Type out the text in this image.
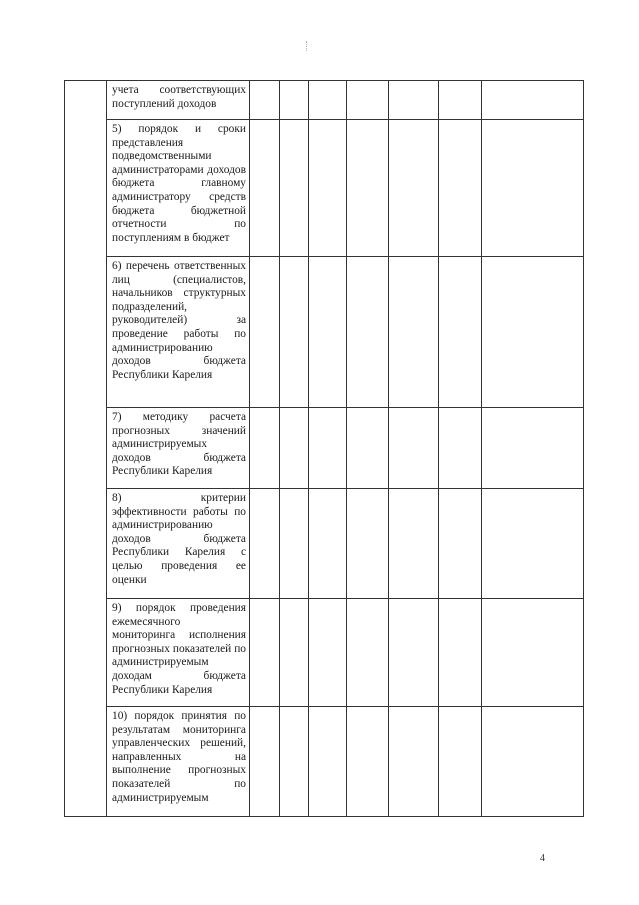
	учета соответствующих поступлений доходов							
	5) порядок и сроки представления подведомственными администраторами доходов бюджета главному администратору средств бюджета бюджетной отчетности по поступлениям в бюджет							
	6) перечень ответственных лиц (специалистов, начальников структурных подразделений, руководителей) за проведение работы по администрированию доходов бюджета Республики Карелия							
	7) методику расчета прогнозных значений администрируемых доходов бюджета Республики Карелия							
	8) критерии эффективности работы по администрированию доходов бюджета Республики Карелия с целью проведения ее оценки							
	9) порядок проведения ежемесячного мониторинга исполнения прогнозных показателей по администрируемым доходам бюджета Республики Карелия							
	10) порядок принятия по результатам мониторинга управленческих решений, направленных на выполнение прогнозных показателей по администрируемым							
4
